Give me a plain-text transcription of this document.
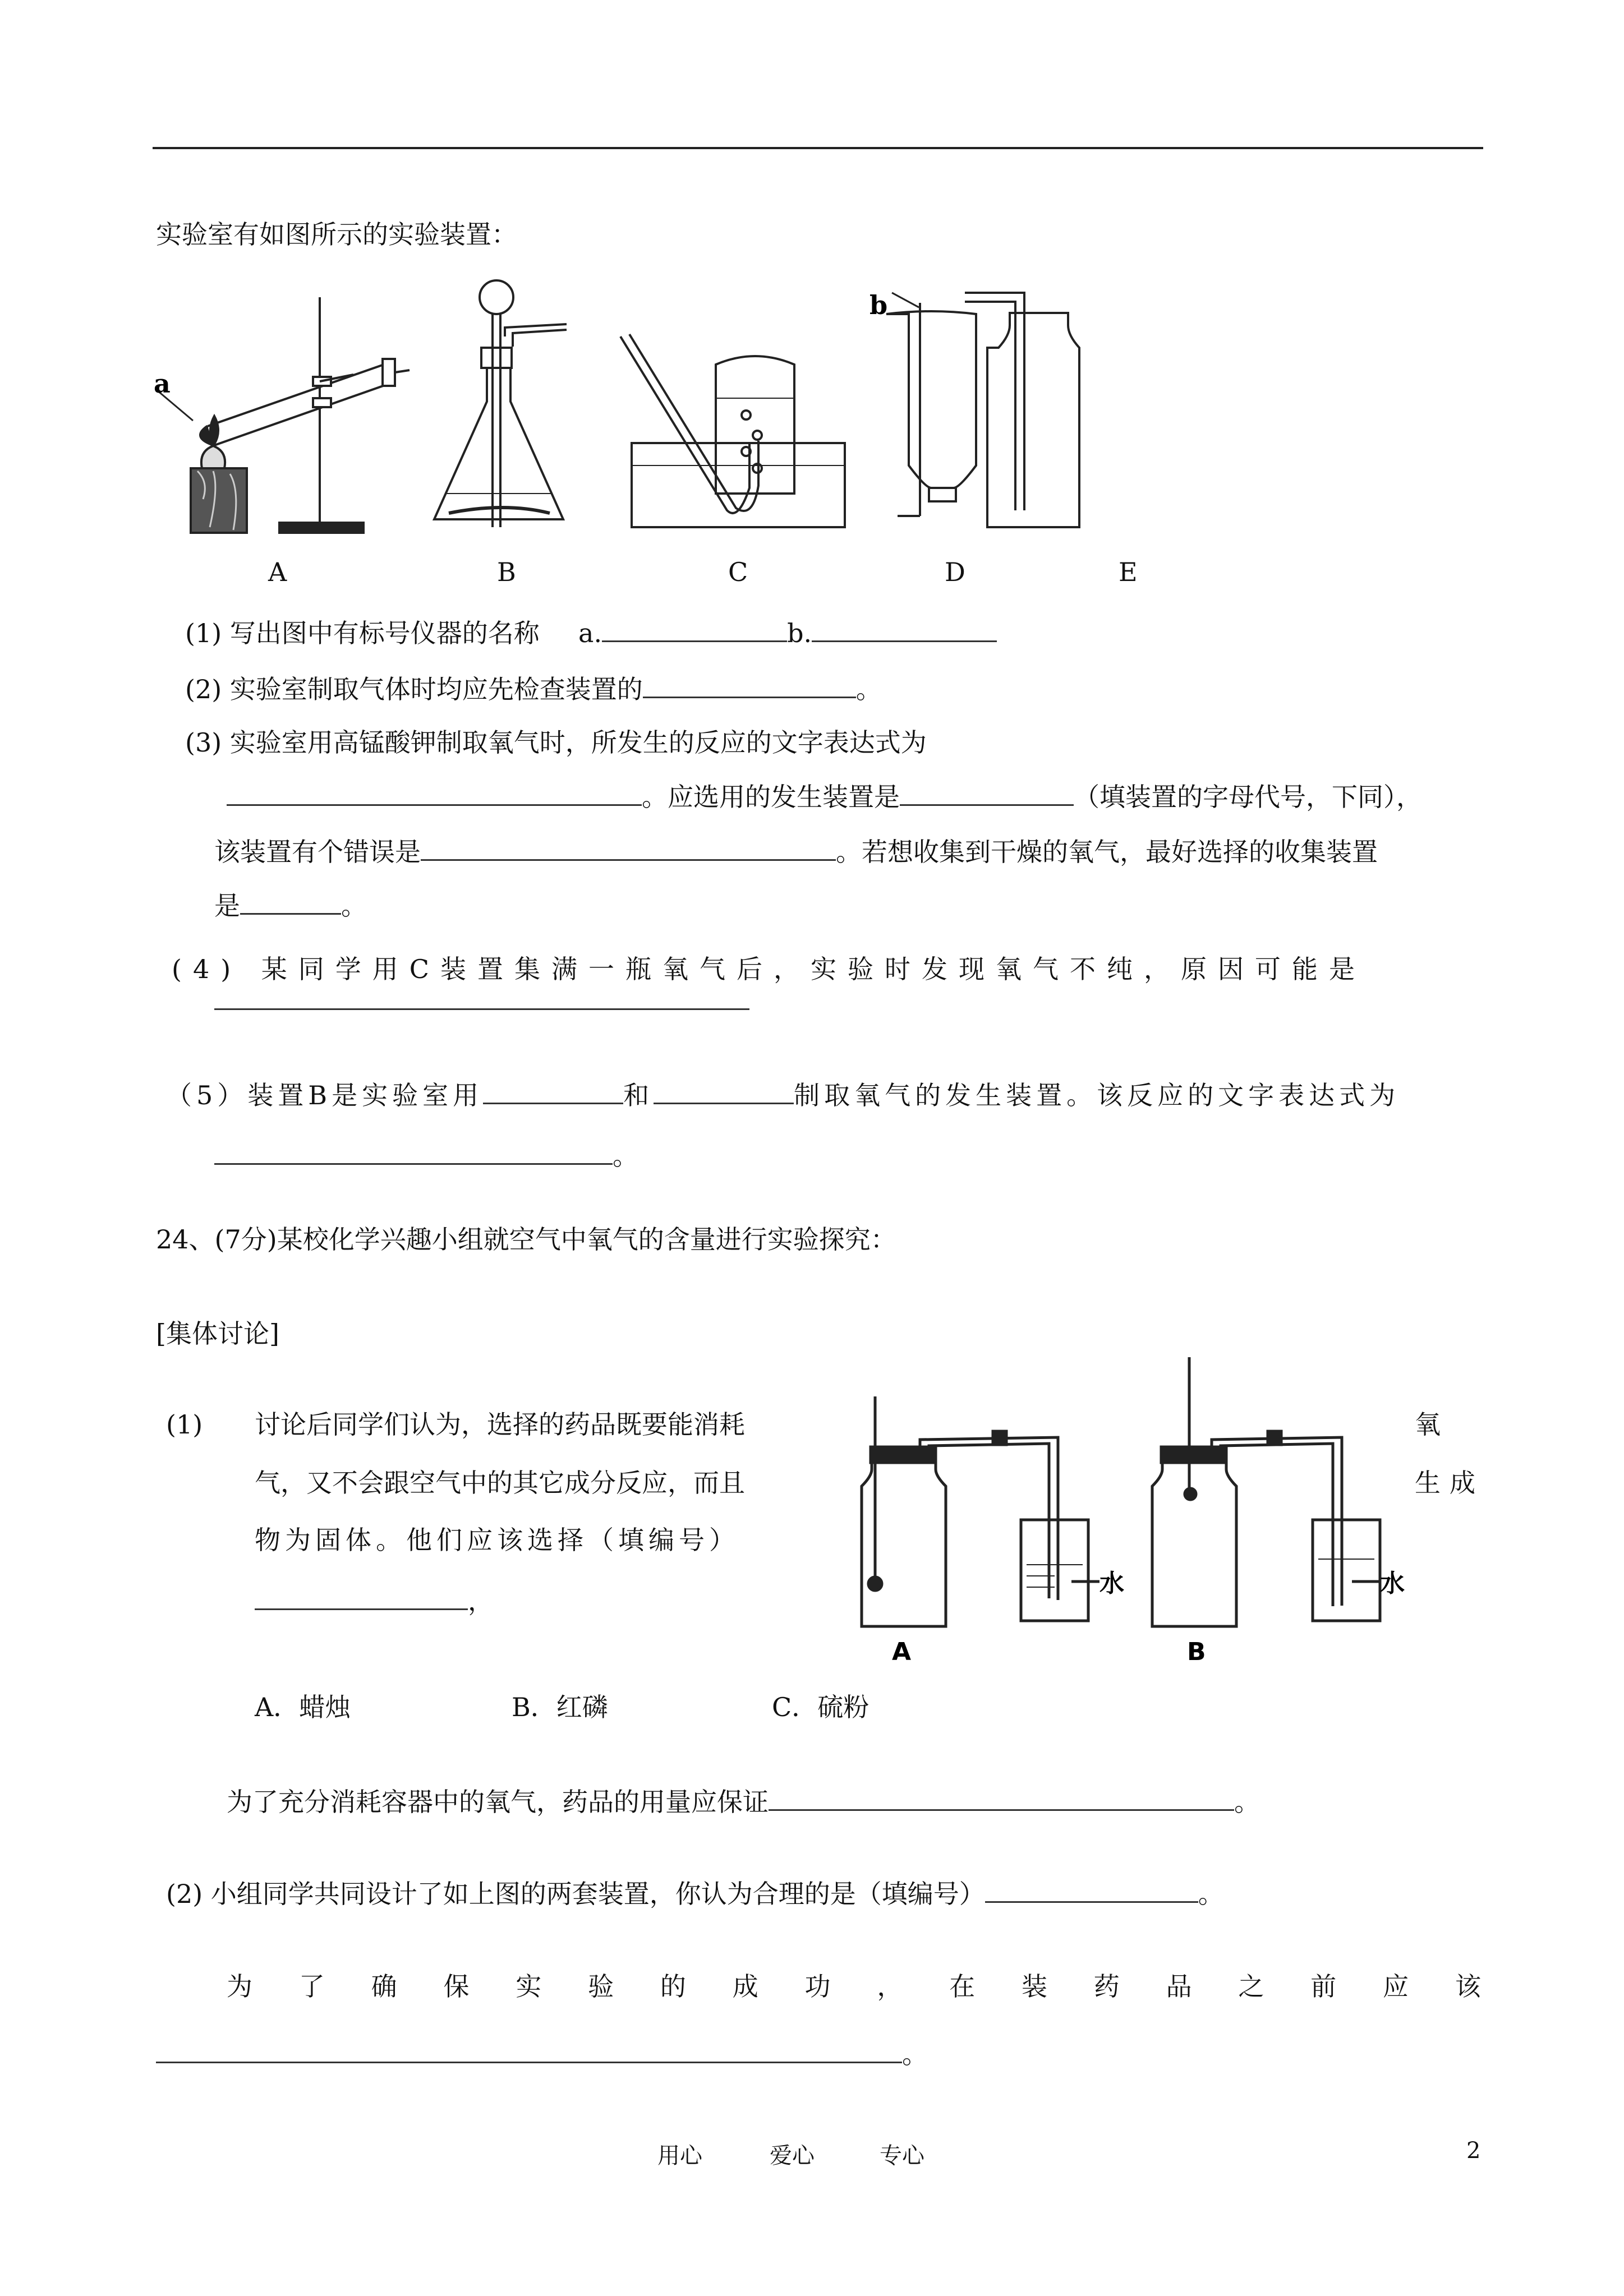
实验室有如图所示的实验装置：
a
b
A	B	C	D	E
(1) 写出图中有标号仪器的名称 a.	b.
(2) 实验室制取气体时均应先检查装置的	。
(3) 实验室用高锰酸钾制取氧气时，所发生的反应的文字表达式为
。应选用的发生装置是	（填装置的字母代号，下同），
该装置有个错误是	。若想收集到干燥的氧气，最好选择的收集装置
是	。
(4) 某同学用C装置集满一瓶氧气后，实验时发现氧气不纯，原因可能是
（5）装置B是实验室用	和	制取氧气的发生装置。该反应的文字表达式为
。
24、(7分)某校化学兴趣小组就空气中氧气的含量进行实验探究：
[集体讨论]
(1) 讨论后同学们认为，选择的药品既要能消耗	氧
气，又不会跟空气中的其它成分反应，而且	生成
物为固体。他们应该选择（填编号）
，
水	水
A	B
A．蜡烛	B．红磷	C．硫粉
为了充分消耗容器中的氧气，药品的用量应保证	。
(2) 小组同学共同设计了如上图的两套装置，你认为合理的是（填编号）	。
为 了 确 保 实 验 的 成 功 ， 在 装 药 品 之 前 应 该
。
用心	爱心	专心	2
